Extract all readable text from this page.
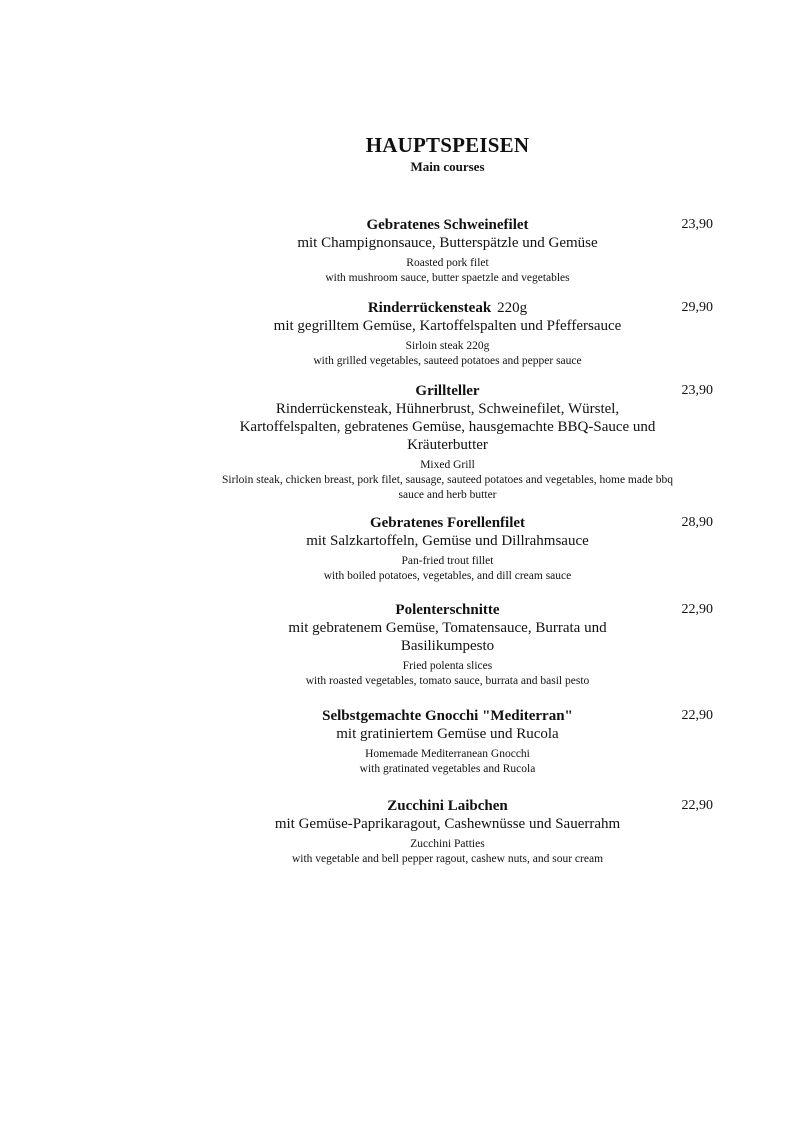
HAUPTSPEISEN
Main courses
Gebratenes Schweinefilet
mit Champignonsauce, Butterspätzle und Gemüse
Roasted pork filet
with mushroom sauce, butter spaetzle and vegetables
23,90
Rinderrückensteak 220g
mit gegrilltem Gemüse, Kartoffelspalten und Pfeffersauce
Sirloin steak 220g
with grilled vegetables, sauteed potatoes and pepper sauce
29,90
Grillteller
Rinderrückensteak, Hühnerbrust, Schweinefilet, Würstel, Kartoffelspalten, gebratenes Gemüse, hausgemachte BBQ-Sauce und Kräuterbutter
Mixed Grill
Sirloin steak, chicken breast, pork filet, sausage, sauteed potatoes and vegetables, home made bbq sauce and herb butter
23,90
Gebratenes Forellenfilet
mit Salzkartoffeln, Gemüse und Dillrahmsauce
Pan-fried trout fillet
with boiled potatoes, vegetables, and dill cream sauce
28,90
Polenterschnitte
mit gebratenem Gemüse, Tomatensauce, Burrata und Basilikumpesto
Fried polenta slices
with roasted vegetables, tomato sauce, burrata and basil pesto
22,90
Selbstgemachte Gnocchi "Mediterran"
mit gratiniertem Gemüse und Rucola
Homemade Mediterranean Gnocchi
with gratinated vegetables and Rucola
22,90
Zucchini Laibchen
mit Gemüse-Paprikaragout, Cashewnüsse und Sauerrahm
Zucchini Patties
with vegetable and bell pepper ragout, cashew nuts, and sour cream
22,90
